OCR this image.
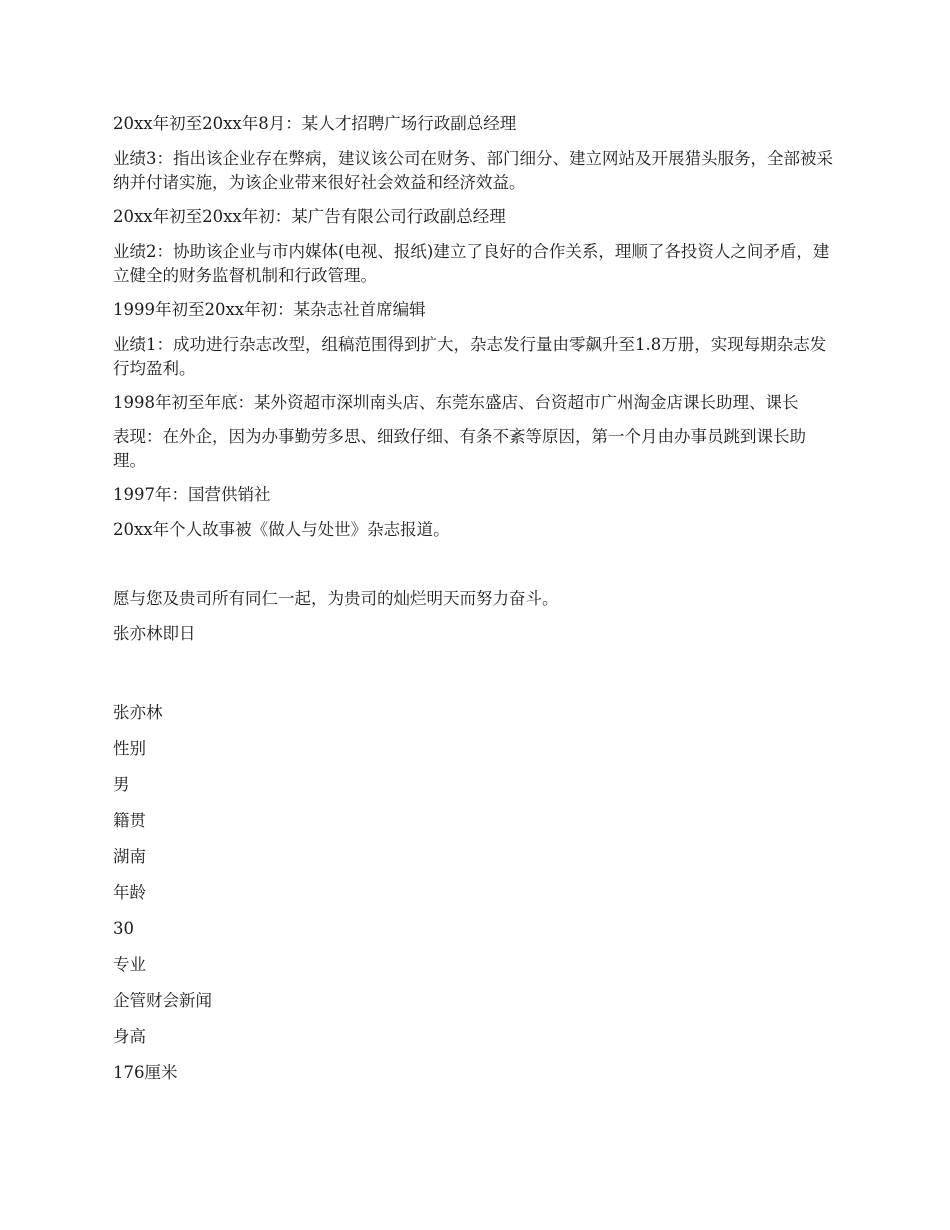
20xx年初至20xx年8月：某人才招聘广场行政副总经理

业绩3：指出该企业存在弊病，建议该公司在财务、部门细分、建立网站及开展猎头服务，全部被采纳并付诸实施，为该企业带来很好社会效益和经济效益。

20xx年初至20xx年初：某广告有限公司行政副总经理

业绩2：协助该企业与市内媒体(电视、报纸)建立了良好的合作关系，理顺了各投资人之间矛盾，建立健全的财务监督机制和行政管理。

1999年初至20xx年初：某杂志社首席编辑

业绩1：成功进行杂志改型，组稿范围得到扩大，杂志发行量由零飙升至1.8万册，实现每期杂志发行均盈利。

1998年初至年底：某外资超市深圳南头店、东莞东盛店、台资超市广州淘金店课长助理、课长

表现：在外企，因为办事勤劳多思、细致仔细、有条不紊等原因，第一个月由办事员跳到课长助理。

1997年：国营供销社

20xx年个人故事被《做人与处世》杂志报道。

愿与您及贵司所有同仁一起，为贵司的灿烂明天而努力奋斗。

张亦林即日

张亦林

性别

男

籍贯

湖南

年龄

30

专业

企管财会新闻

身高

176厘米
